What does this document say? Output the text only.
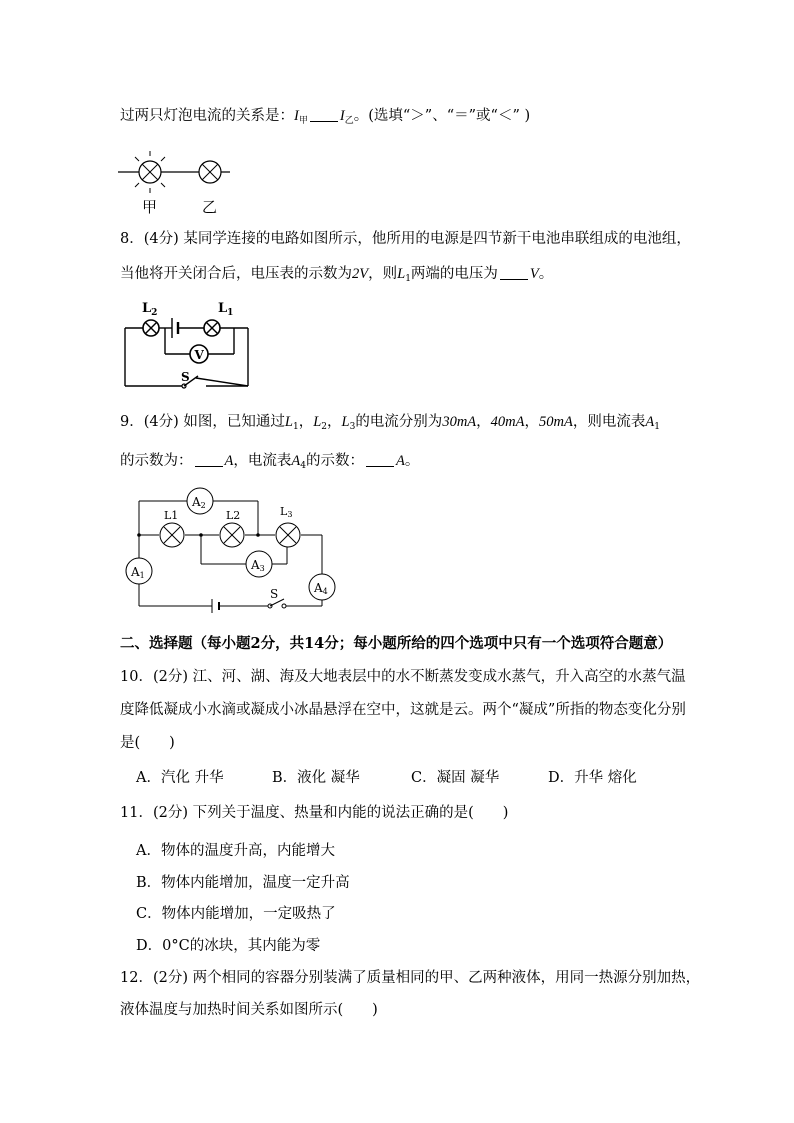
过两只灯泡电流的关系是：$I_甲$ $I_乙$。(选填“＞”、“＝”或“＜” )
甲	乙
8．(4分) 某同学连接的电路如图所示，他所用的电源是四节新干电池串联组成的电池组，
当他将开关闭合后，电压表的示数为2V，则$L_1$两端的电压为 V。
V
$L_2$	$L_1$
S
9．(4分) 如图，已知通过$L_1$，$L_2$，$L_3$的电流分别为30mA，40mA，50mA，则电流表$A_1$
的示数为： A，电流表$A_4$的示数： A。
S
A2
A1
A3
A4
L1	L2	L3
二、选择题（每小题2分，共14分；每小题所给的四个选项中只有一个选项符合题意）
10．(2分) 江、河、湖、海及大地表层中的水不断蒸发变成水蒸气，升入高空的水蒸气温
度降低凝成小水滴或凝成小冰晶悬浮在空中，这就是云。两个“凝成”所指的物态变化分别
是(　　)
A．汽化 升华	B．液化 凝华	C．凝固 凝华	D．升华 熔化
11．(2分) 下列关于温度、热量和内能的说法正确的是(　　)
A．物体的温度升高，内能增大
B．物体内能增加，温度一定升高
C．物体内能增加，一定吸热了
D．0°C的冰块，其内能为零
12．(2分) 两个相同的容器分别装满了质量相同的甲、乙两种液体，用同一热源分别加热，
液体温度与加热时间关系如图所示(　　)
